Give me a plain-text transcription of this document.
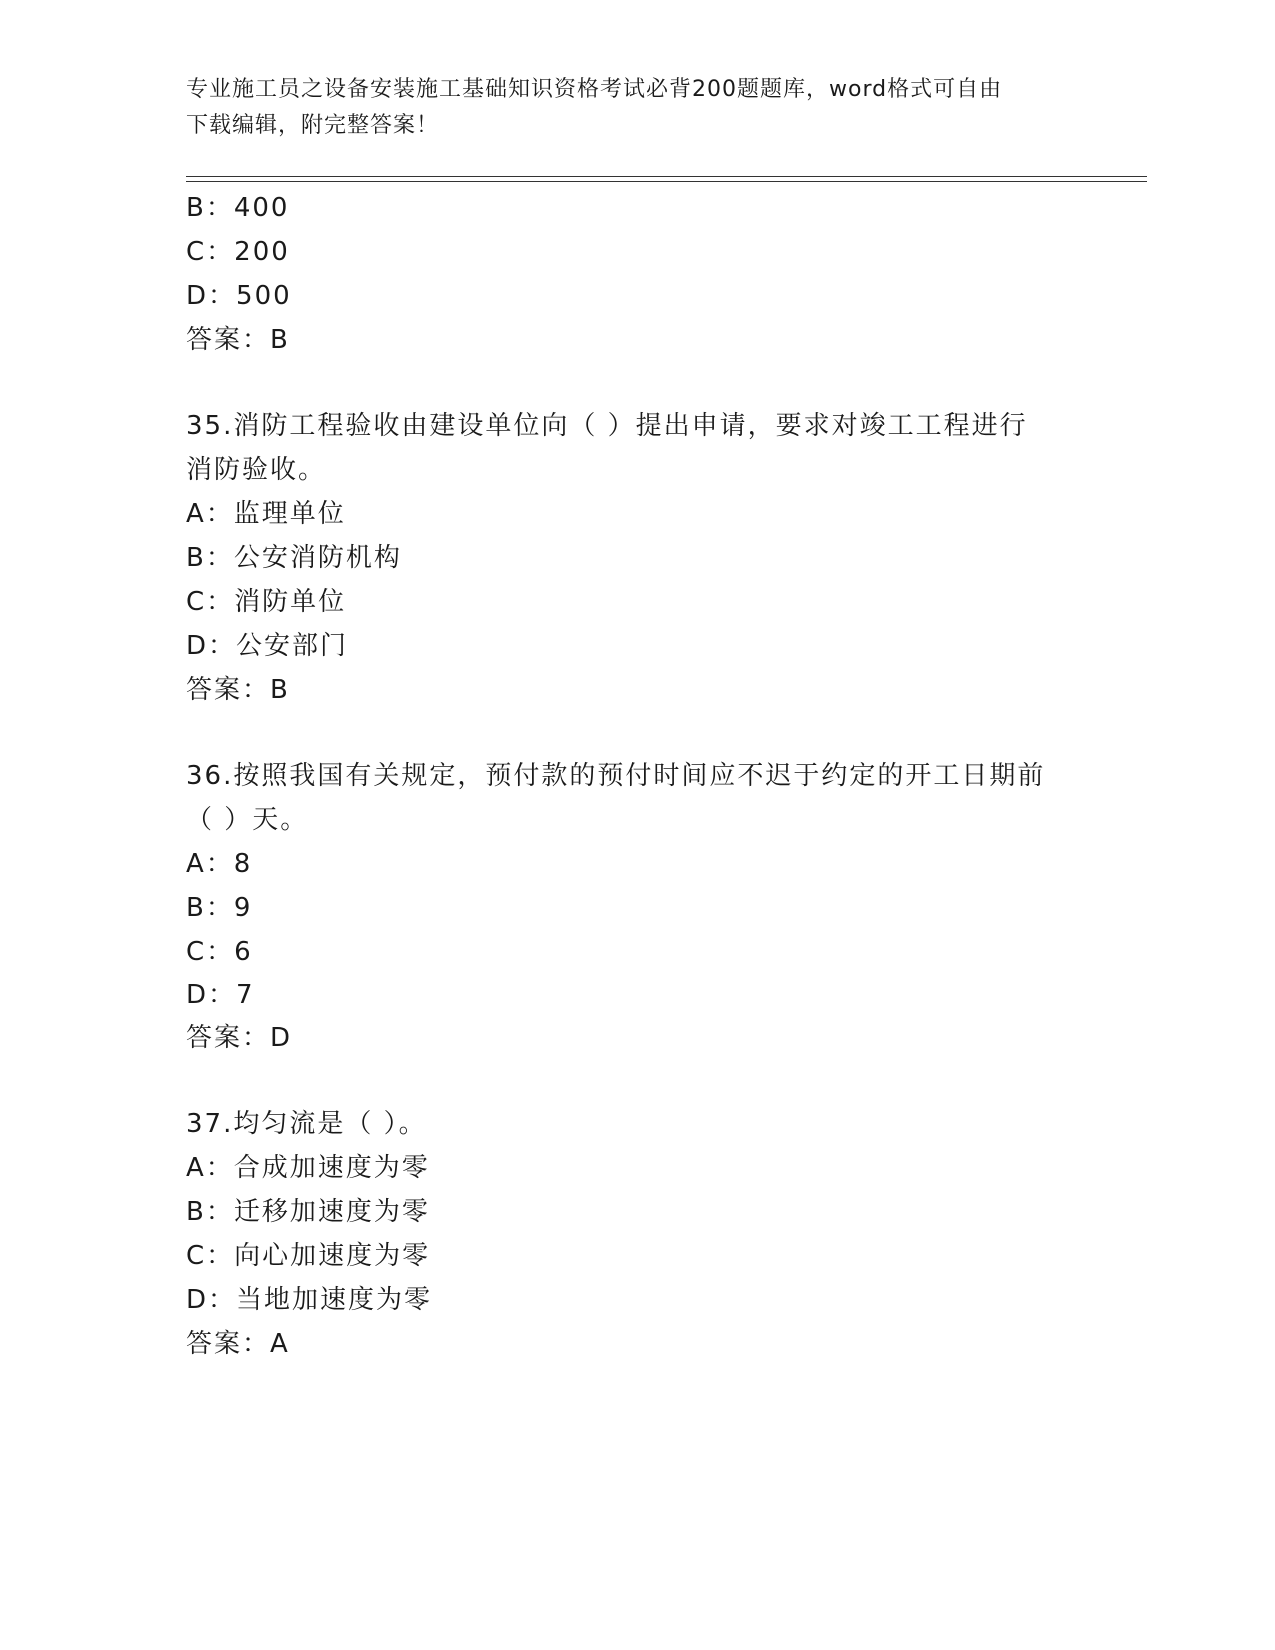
专业施工员之设备安装施工基础知识资格考试必背200题题库，word格式可自由
下载编辑，附完整答案！
B：400
C：200
D：500
答案：B
35.消防工程验收由建设单位向（ ）提出申请，要求对竣工工程进行
消防验收。
A：监理单位
B：公安消防机构
C：消防单位
D：公安部门
答案：B
36.按照我国有关规定，预付款的预付时间应不迟于约定的开工日期前
（ ）天。
A：8
B：9
C：6
D：7
答案：D
37.均匀流是（ ）。
A：合成加速度为零
B：迁移加速度为零
C：向心加速度为零
D：当地加速度为零
答案：A
